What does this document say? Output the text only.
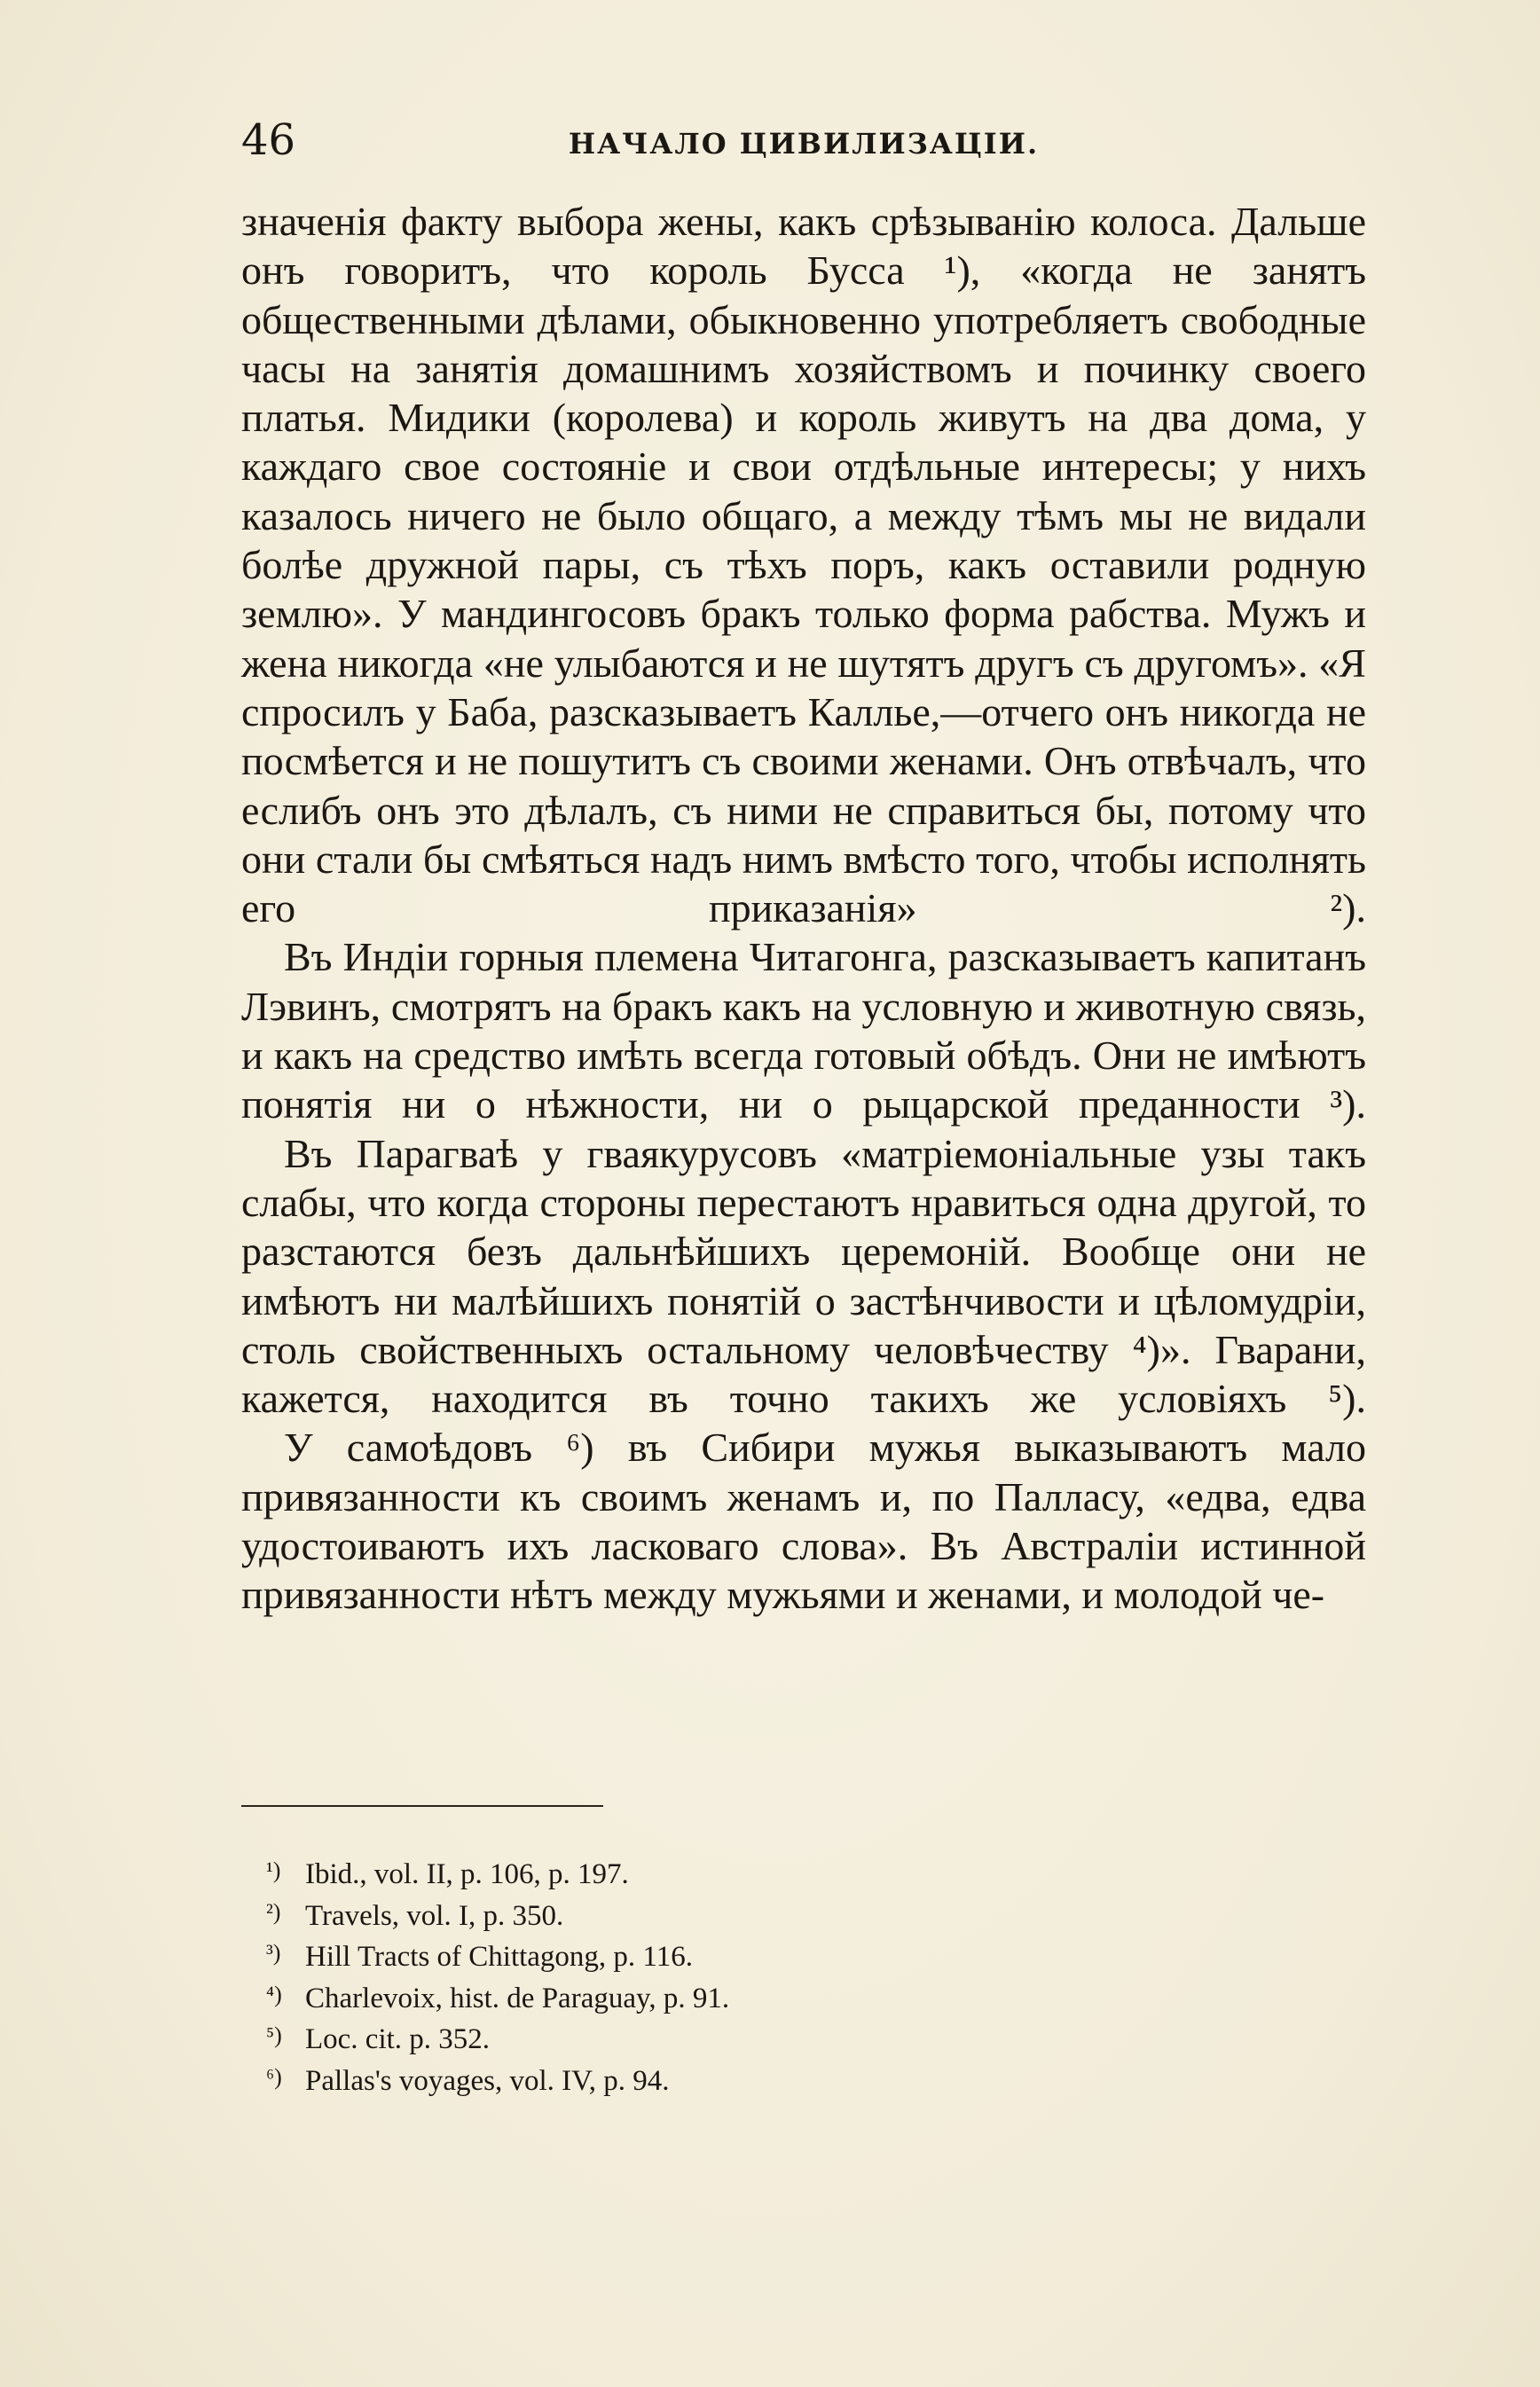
46	НАЧАЛО ЦИВИЛИЗАЦІИ.

значенія факту выбора жены, какъ срѣзыванію колоса. Дальше онъ говоритъ, что король Бусса ¹), «когда не занятъ общественными дѣлами, обыкновенно употребляетъ свободные часы на занятія домашнимъ хозяйствомъ и починку своего платья. Мидики (королева) и король живутъ на два дома, у каждаго свое состояніе и свои отдѣльные интересы; у нихъ казалось ничего не было общаго, а между тѣмъ мы не видали болѣе дружной пары, съ тѣхъ поръ, какъ оставили родную землю». У мандингосовъ бракъ только форма рабства. Мужъ и жена никогда «не улыбаются и не шутятъ другъ съ другомъ». «Я спросилъ у Баба, разсказываетъ Каллье,—отчего онъ никогда не посмѣется и не пошутитъ съ своими женами. Онъ отвѣчалъ, что еслибъ онъ это дѣлалъ, съ ними не справиться бы, потому что они стали бы смѣяться надъ нимъ вмѣсто того, чтобы исполнять его приказанія» ²).

Въ Индіи горныя племена Читагонга, разсказываетъ капитанъ Лэвинъ, смотрятъ на бракъ какъ на условную и животную связь, и какъ на средство имѣть всегда готовый обѣдъ. Они не имѣютъ понятія ни о нѣжности, ни о рыцарской преданности ³).

Въ Парагваѣ у гваякурусовъ «матріемоніальные узы такъ слабы, что когда стороны перестаютъ нравиться одна другой, то разстаются безъ дальнѣйшихъ церемоній. Вообще они не имѣютъ ни малѣйшихъ понятій о застѣнчивости и цѣломудріи, столь свойственныхъ остальному человѣчеству ⁴)». Гварани, кажется, находится въ точно такихъ же условіяхъ ⁵).

У самоѣдовъ ⁶) въ Сибири мужья выказываютъ мало привязанности къ своимъ женамъ и, по Палласу, «едва, едва удостоиваютъ ихъ ласковаго слова». Въ Австраліи истинной привязанности нѣтъ между мужьями и женами, и молодой че-

¹) Ibid., vol. II, p. 106, p. 197.
²) Travels, vol. I, p. 350.
³) Hill Tracts of Chittagong, p. 116.
⁴) Charlevoix, hist. de Paraguay, p. 91.
⁵) Loc. cit. p. 352.
⁶) Pallas's voyages, vol. IV, p. 94.
